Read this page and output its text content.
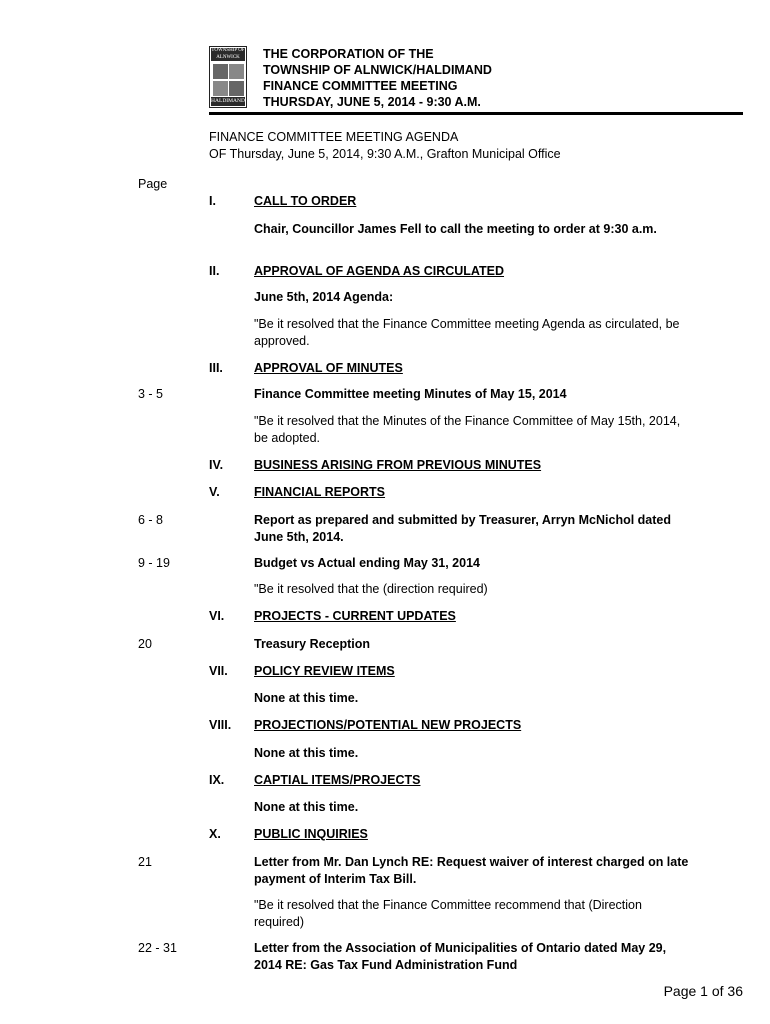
TOWNSHIP OF ALNWICK
HALDIMAND
THE CORPORATION OF THE
TOWNSHIP OF ALNWICK/HALDIMAND
FINANCE COMMITTEE MEETING
THURSDAY, JUNE 5, 2014 - 9:30 A.M.
FINANCE COMMITTEE MEETING AGENDA
OF Thursday, June 5, 2014, 9:30 A.M., Grafton Municipal Office
Page
I.	CALL TO ORDER
Chair, Councillor James Fell to call the meeting to order at 9:30 a.m.
II.	APPROVAL OF AGENDA AS CIRCULATED
June 5th, 2014 Agenda:
"Be it resolved that the Finance Committee meeting Agenda as circulated, be approved.
III. APPROVAL OF MINUTES
3 - 5	Finance Committee meeting Minutes of May 15, 2014
"Be it resolved that the Minutes of the Finance Committee of May 15th, 2014, be adopted.
IV. BUSINESS ARISING FROM PREVIOUS MINUTES
V.	FINANCIAL REPORTS
6 - 8	Report as prepared and submitted by Treasurer, Arryn McNichol dated June 5th, 2014.
9 - 19	Budget vs Actual ending May 31, 2014
"Be it resolved that the (direction required)
VI. PROJECTS - CURRENT UPDATES
20	Treasury Reception
VII. POLICY REVIEW ITEMS
None at this time.
VIII. PROJECTIONS/POTENTIAL NEW PROJECTS
None at this time.
IX. CAPTIAL ITEMS/PROJECTS
None at this time.
X.	PUBLIC INQUIRIES
21	Letter from Mr. Dan Lynch RE: Request waiver of interest charged on late payment of Interim Tax Bill.
"Be it resolved that the Finance Committee recommend that (Direction required)
22 - 31	Letter from the Association of Municipalities of Ontario dated May 29, 2014 RE: Gas Tax Fund Administration Fund
Page 1 of 36
